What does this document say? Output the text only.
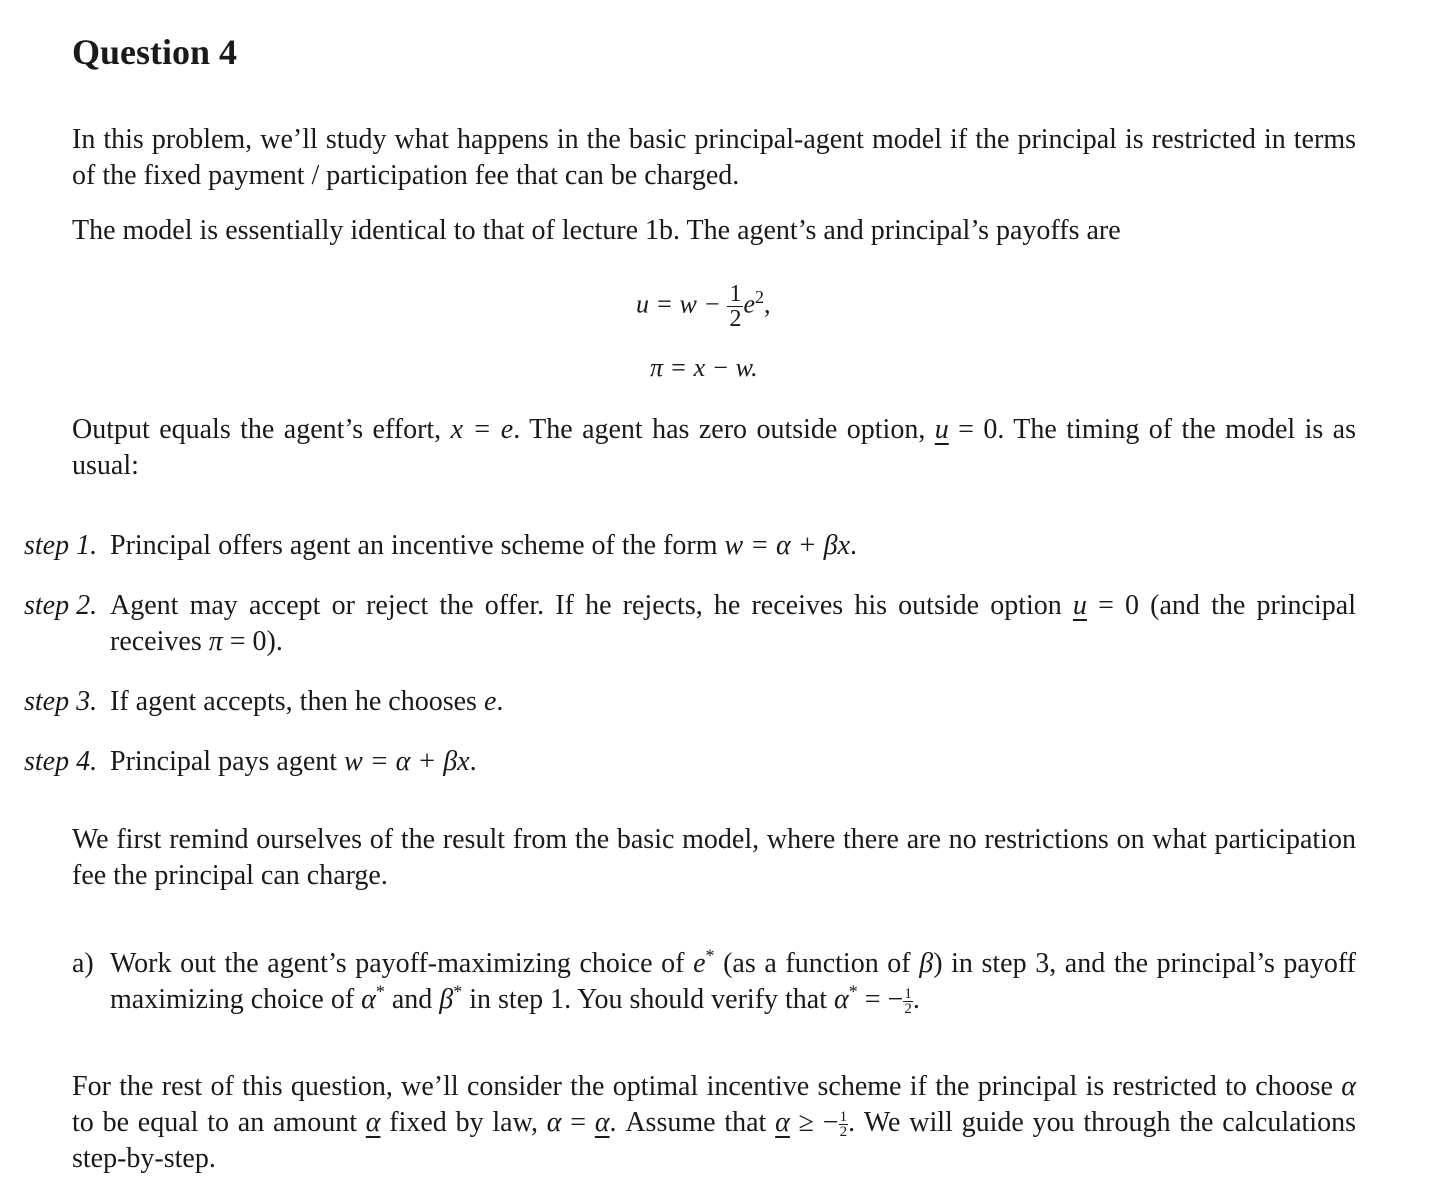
Question 4

In this problem, we’ll study what happens in the basic principal-agent model if the principal is restricted in terms of the fixed payment / participation fee that can be charged.

The model is essentially identical to that of lecture 1b. The agent’s and principal’s payoffs are

$u = w - \frac{1}{2} e^2$,
π = x − w.

Output equals the agent’s effort, x = e. The agent has zero outside option, u = 0. The timing of the model is as usual:

step 1. Principal offers agent an incentive scheme of the form w = α + βx.
step 2. Agent may accept or reject the offer. If he rejects, he receives his outside option u = 0 (and the principal receives π = 0).
step 3. If agent accepts, then he chooses e.
step 4. Principal pays agent w = α + βx.

We first remind ourselves of the result from the basic model, where there are no restrictions on what participation fee the principal can charge.

a) Work out the agent’s payoff-maximizing choice of e* (as a function of β) in step 3, and the principal’s payoff maximizing choice of α* and β* in step 1. You should verify that α* = − $\frac{1}{2}$ .

For the rest of this question, we’ll consider the optimal incentive scheme if the principal is restricted to choose α to be equal to an amount α fixed by law, α = α. Assume that α ≥ − $\frac{1}{2}$ . We will guide you through the calculations step-by-step.
